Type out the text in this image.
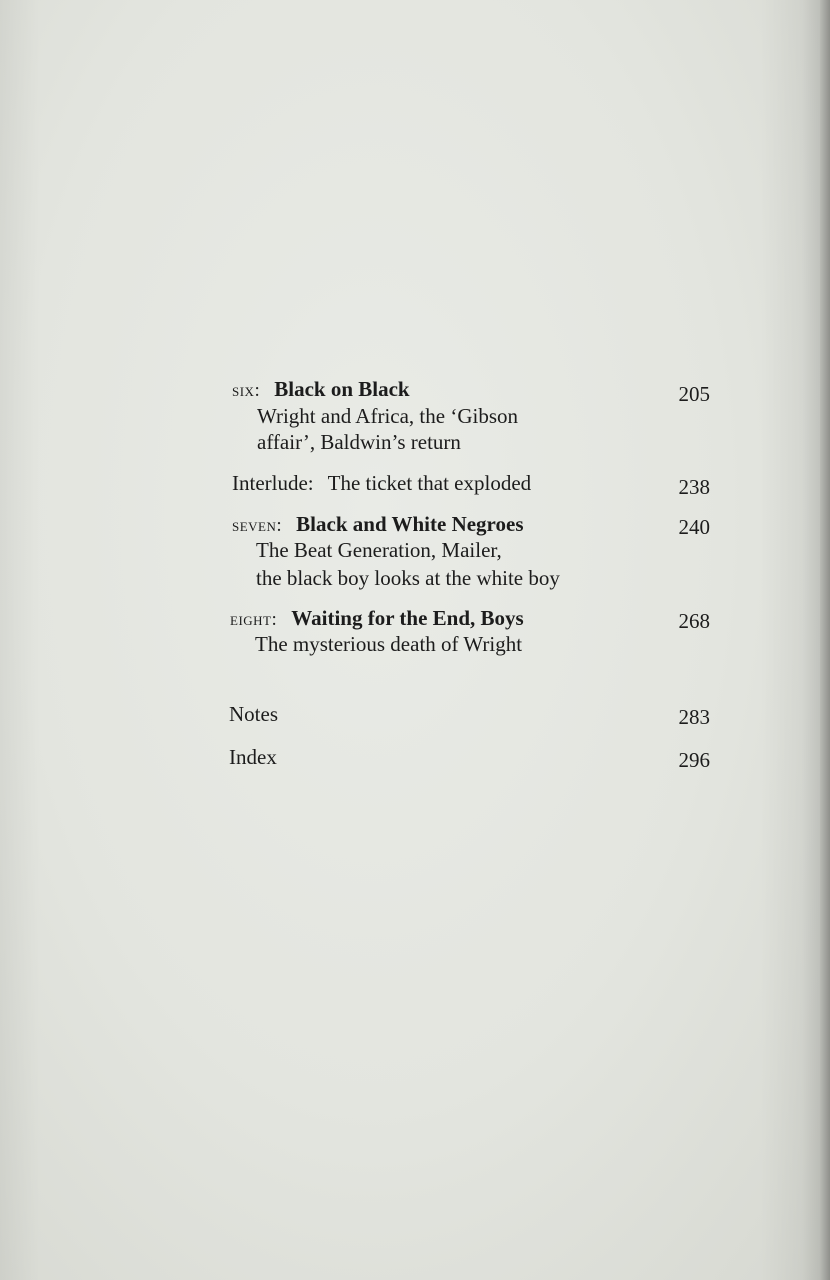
six: Black on Black	205
Wright and Africa, the ‘Gibson
affair’, Baldwin’s return
Interlude: The ticket that exploded	238
seven: Black and White Negroes	240
The Beat Generation, Mailer,
the black boy looks at the white boy
eight: Waiting for the End, Boys	268
The mysterious death of Wright
Notes	283
Index	296
